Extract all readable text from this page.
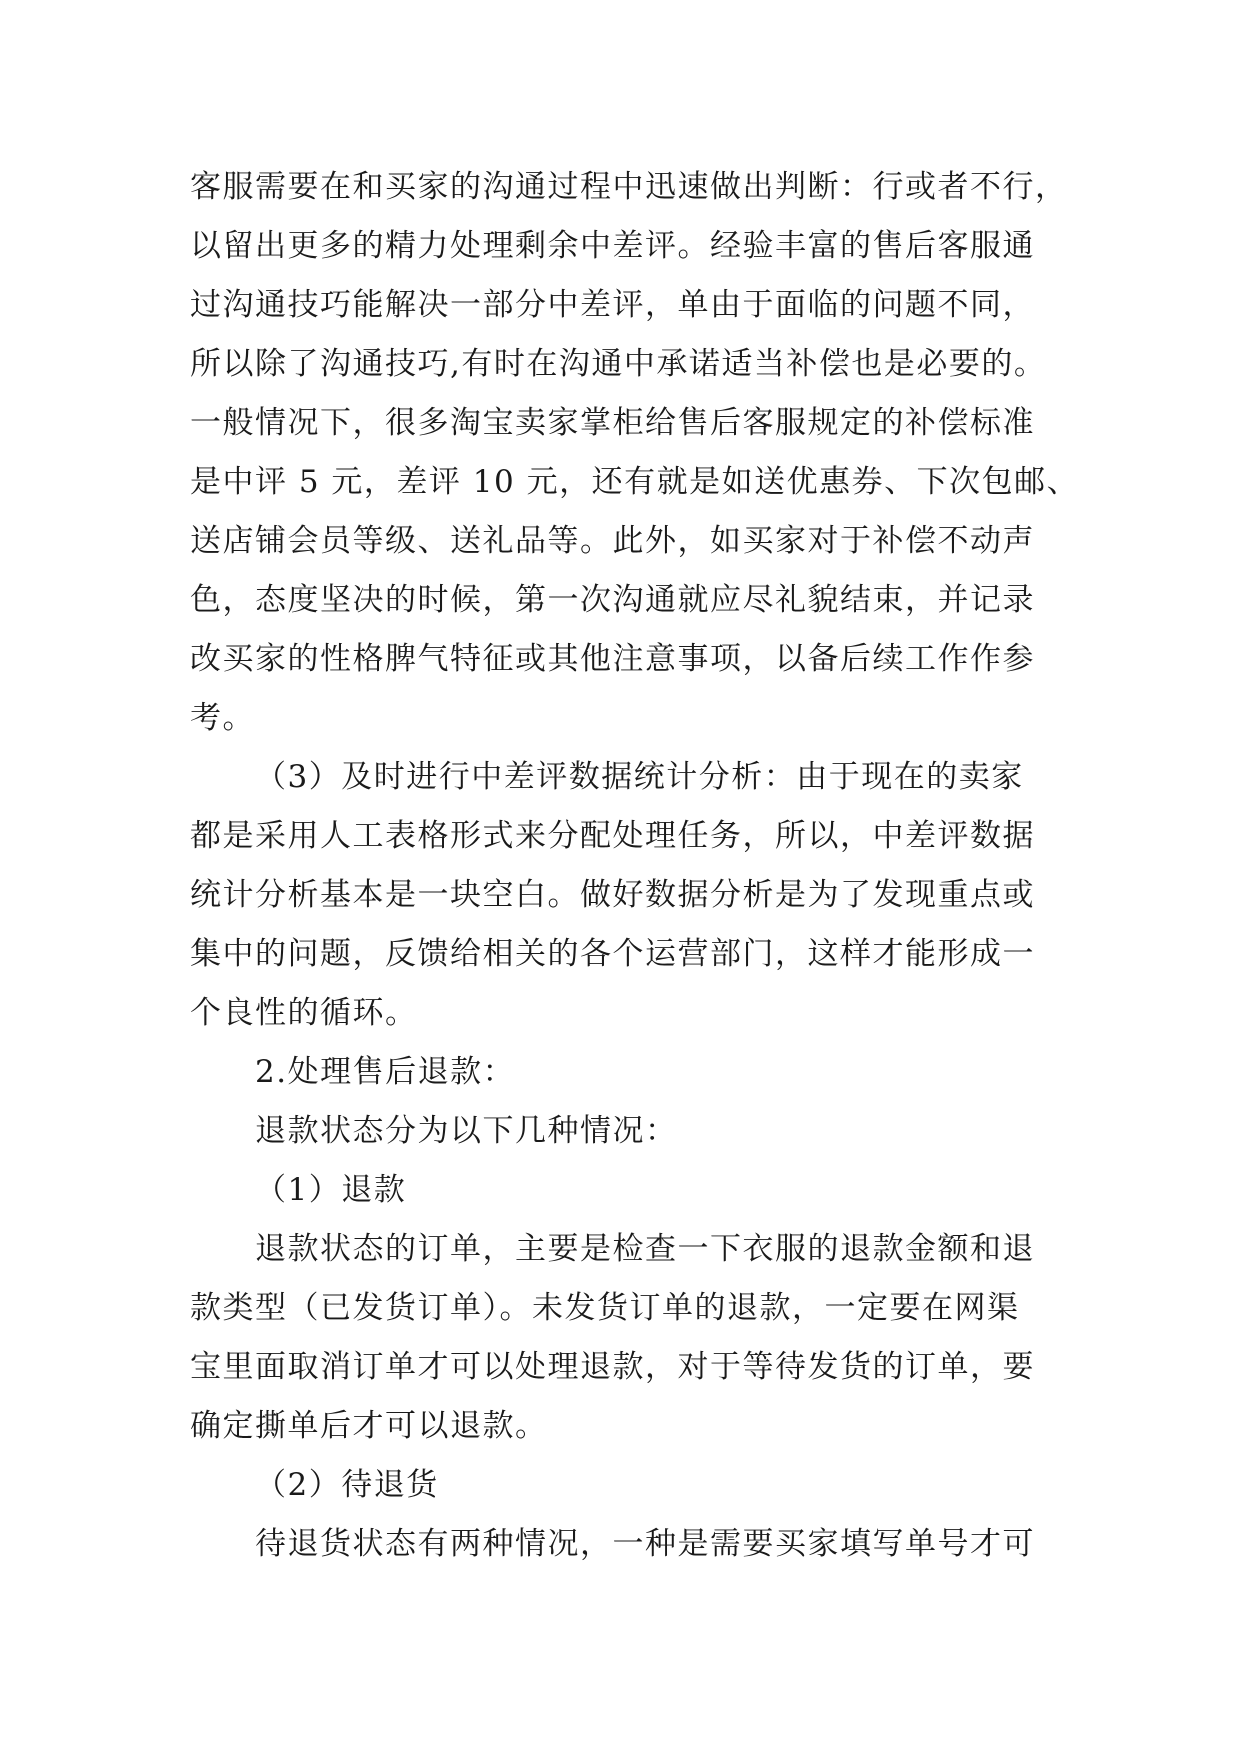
客服需要在和买家的沟通过程中迅速做出判断：行或者不行，
以留出更多的精力处理剩余中差评。经验丰富的售后客服通
过沟通技巧能解决一部分中差评，单由于面临的问题不同，
所以除了沟通技巧,有时在沟通中承诺适当补偿也是必要的。
一般情况下，很多淘宝卖家掌柜给售后客服规定的补偿标准
是中评 5 元，差评 10 元，还有就是如送优惠券、下次包邮、
送店铺会员等级、送礼品等。此外，如买家对于补偿不动声
色，态度坚决的时候，第一次沟通就应尽礼貌结束，并记录
改买家的性格脾气特征或其他注意事项，以备后续工作作参
考。
（3）及时进行中差评数据统计分析：由于现在的卖家
都是采用人工表格形式来分配处理任务，所以，中差评数据
统计分析基本是一块空白。做好数据分析是为了发现重点或
集中的问题，反馈给相关的各个运营部门，这样才能形成一
个良性的循环。
2.处理售后退款：
退款状态分为以下几种情况：
（1）退款
退款状态的订单，主要是检查一下衣服的退款金额和退
款类型（已发货订单）。未发货订单的退款，一定要在网渠
宝里面取消订单才可以处理退款，对于等待发货的订单，要
确定撕单后才可以退款。
（2）待退货
待退货状态有两种情况，一种是需要买家填写单号才可
